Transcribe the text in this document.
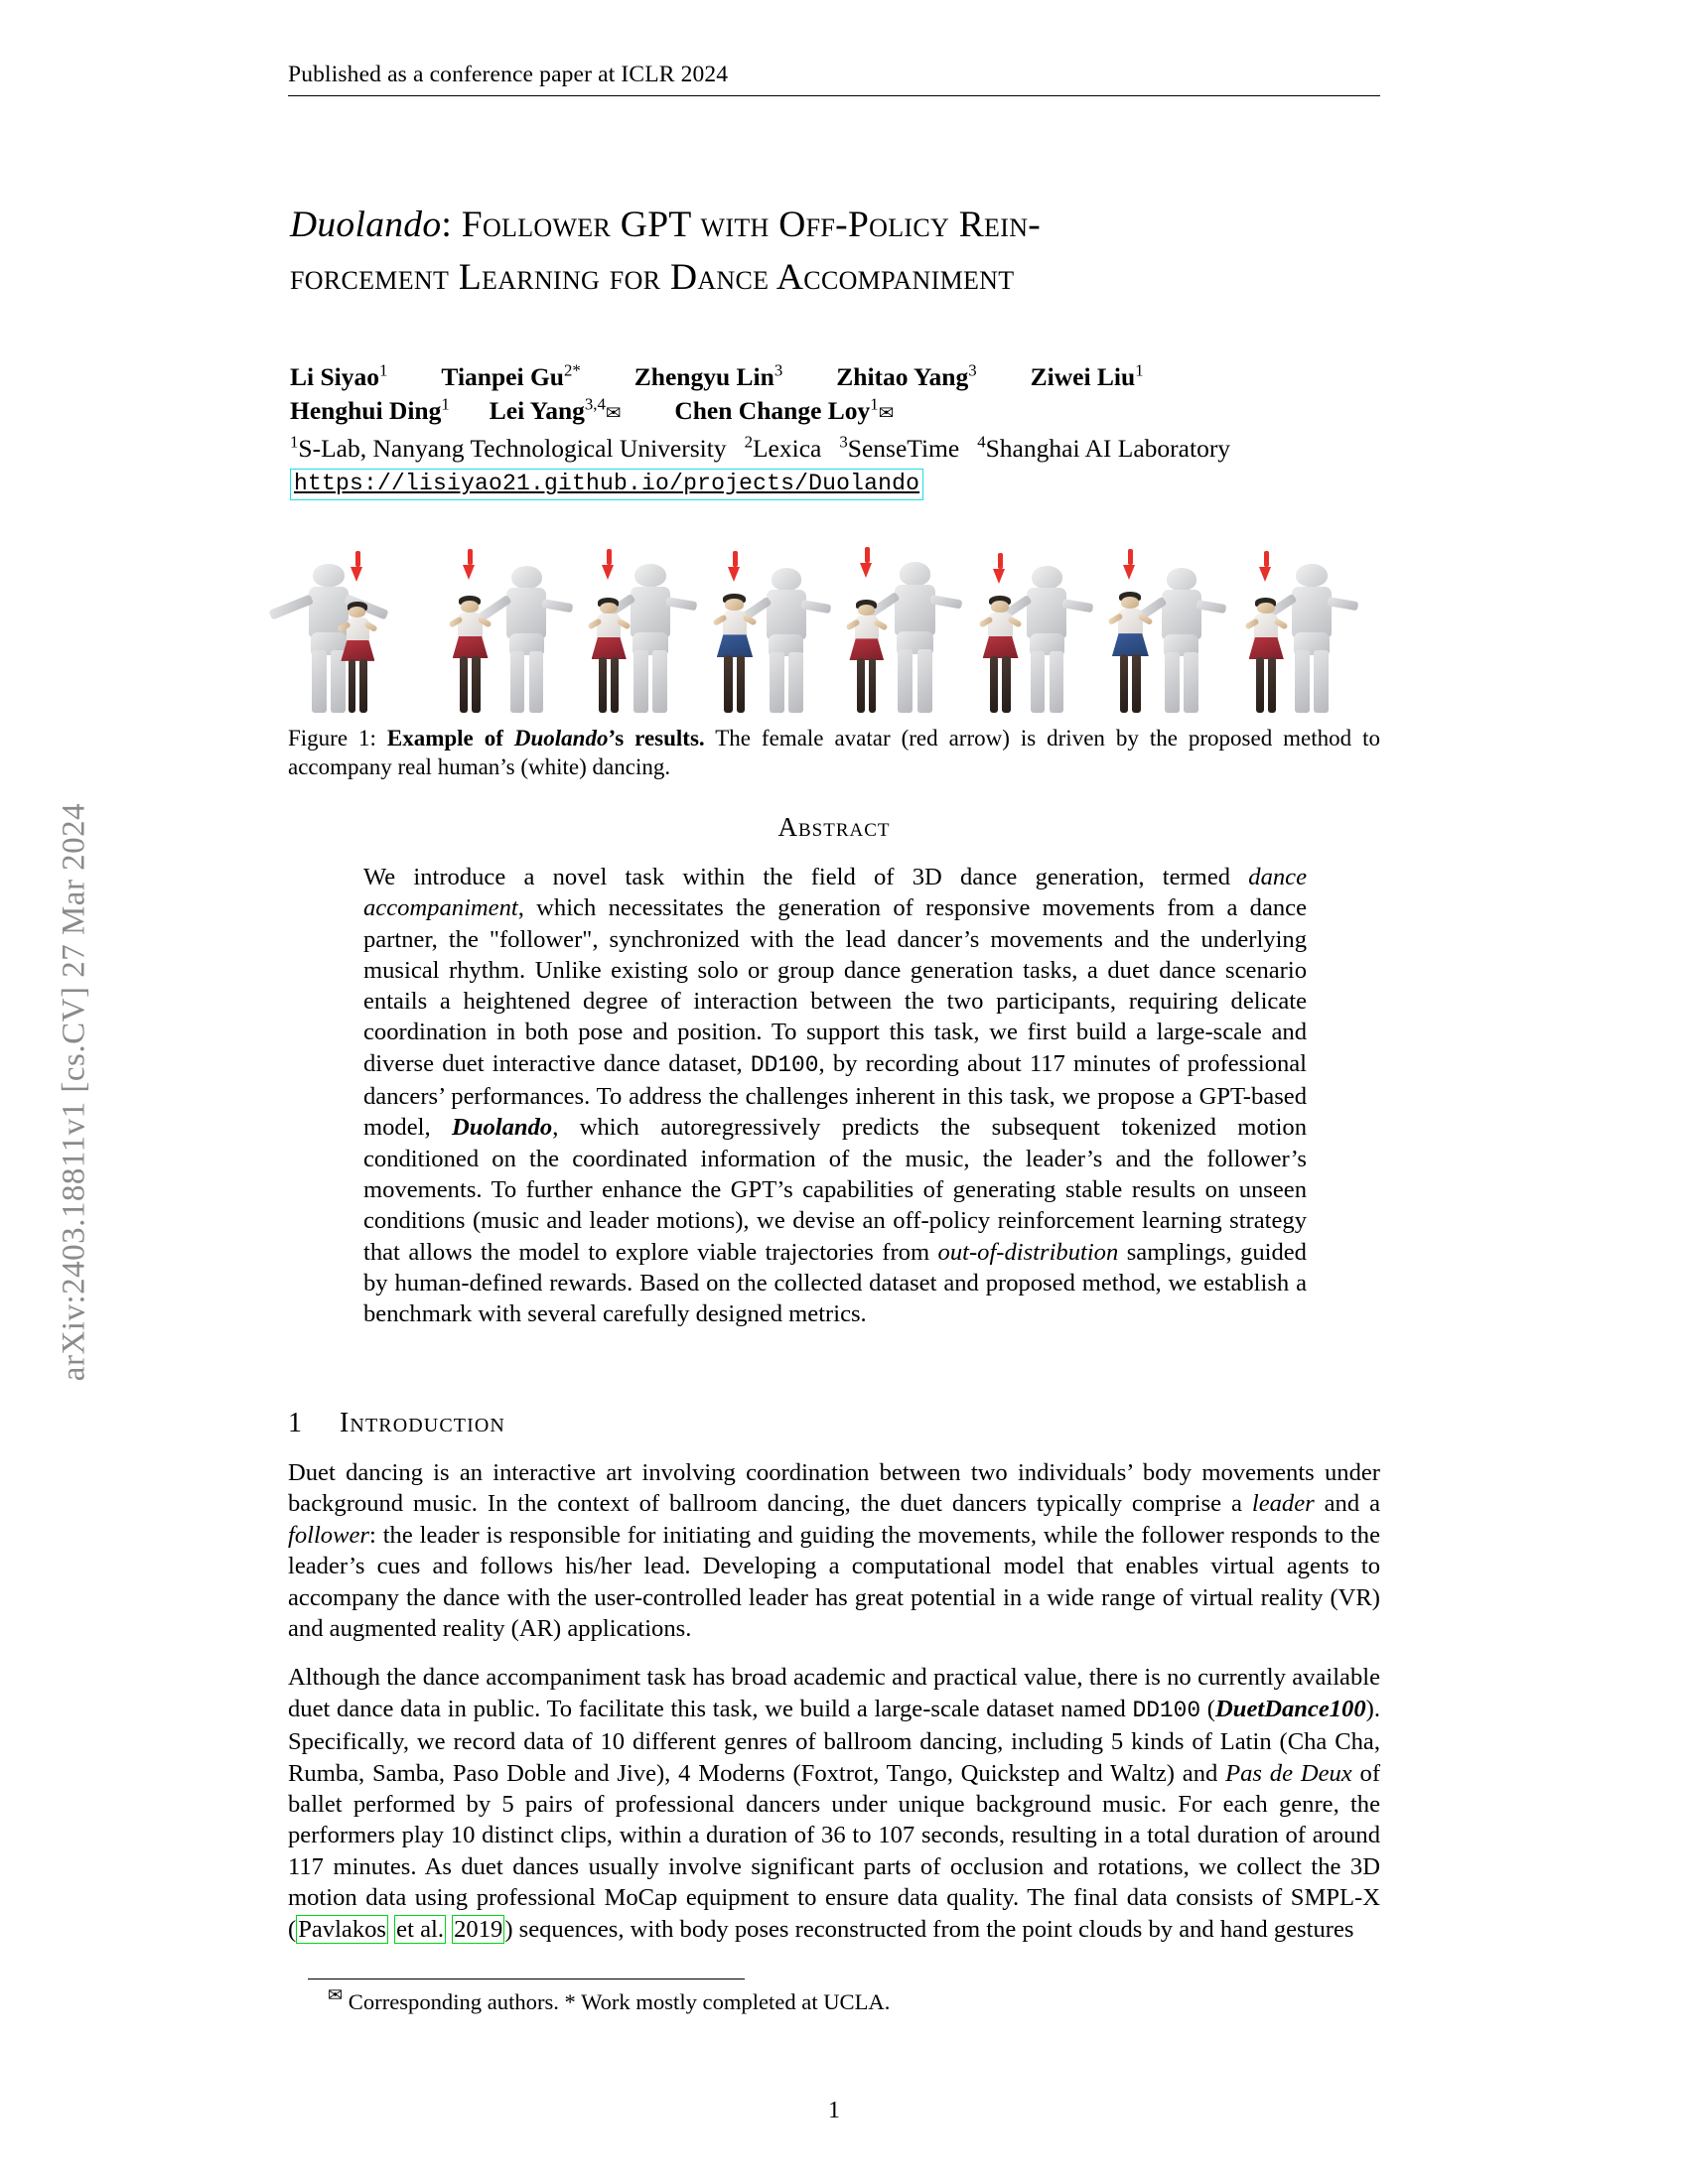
arXiv:2403.18811v1 [cs.CV] 27 Mar 2024
Published as a conference paper at ICLR 2024
Duolando: Follower GPT with Off-Policy Rein-
forcement Learning for Dance Accompaniment
Li Siyao$^1$ Tianpei $Gu^{2*}$ Zhengyu Lin$^3$ Zhitao Yang$^3$ Ziwei Liu$^1$
Henghui Ding$^1$ Lei Yang$^{3,4}$✉ Chen Change Loy$^1$✉
$^1$S-Lab, Nanyang Technological University $^2$Lexica $^3$SenseTime $^4$Shanghai AI Laboratory
https://lisiyao21.github.io/projects/Duolando
Figure 1: Example of Duolando’s results. The female avatar (red arrow) is driven by the proposed method to accompany real human’s (white) dancing.
Abstract

We introduce a novel task within the field of 3D dance generation, termed dance accompaniment, which necessitates the generation of responsive movements from a dance partner, the "follower", synchronized with the lead dancer’s movements and the underlying musical rhythm. Unlike existing solo or group dance generation tasks, a duet dance scenario entails a heightened degree of interaction between the two participants, requiring delicate coordination in both pose and position. To support this task, we first build a large-scale and diverse duet interactive dance dataset, DD100, by recording about 117 minutes of professional dancers’ performances. To address the challenges inherent in this task, we propose a GPT-based model, Duolando, which autoregressively predicts the subsequent tokenized motion conditioned on the coordinated information of the music, the leader’s and the follower’s movements. To further enhance the GPT’s capabilities of generating stable results on unseen conditions (music and leader motions), we devise an off-policy reinforcement learning strategy that allows the model to explore viable trajectories from out-of-distribution samplings, guided by human-defined rewards. Based on the collected dataset and proposed method, we establish a benchmark with several carefully designed metrics.

1 Introduction

Duet dancing is an interactive art involving coordination between two individuals’ body movements under background music. In the context of ballroom dancing, the duet dancers typically comprise a leader and a follower: the leader is responsible for initiating and guiding the movements, while the follower responds to the leader’s cues and follows his/her lead. Developing a computational model that enables virtual agents to accompany the dance with the user-controlled leader has great potential in a wide range of virtual reality (VR) and augmented reality (AR) applications.

Although the dance accompaniment task has broad academic and practical value, there is no currently available duet dance data in public. To facilitate this task, we build a large-scale dataset named DD100 (DuetDance100). Specifically, we record data of 10 different genres of ballroom dancing, including 5 kinds of Latin (Cha Cha, Rumba, Samba, Paso Doble and Jive), 4 Moderns (Foxtrot, Tango, Quickstep and Waltz) and Pas de Deux of ballet performed by 5 pairs of professional dancers under unique background music. For each genre, the performers play 10 distinct clips, within a duration of 36 to 107 seconds, resulting in a total duration of around 117 minutes. As duet dances usually involve significant parts of occlusion and rotations, we collect the 3D motion data using professional MoCap equipment to ensure data quality. The final data consists of SMPL-X (Pavlakos et al. 2019) sequences, with body poses reconstructed from the point clouds by and hand gestures

✉ Corresponding authors. * Work mostly completed at UCLA.
1
